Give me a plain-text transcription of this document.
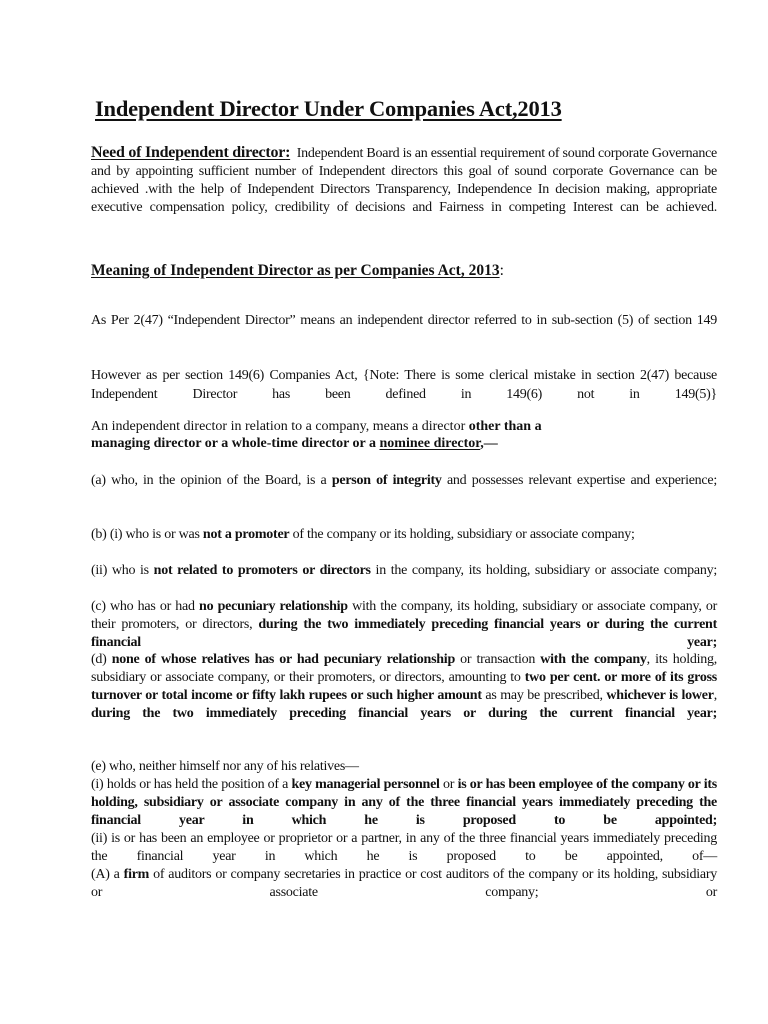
Independent Director Under Companies Act,2013

Need of Independent director: Independent Board is an essential requirement of sound corporate Governance and by appointing sufficient number of Independent directors this goal of sound corporate Governance can be achieved .with the help of Independent Directors Transparency, Independence In decision making, appropriate executive compensation policy, credibility of decisions and Fairness in competing Interest can be achieved.

Meaning of Independent Director as per Companies Act, 2013:

As Per 2(47) “Independent Director” means an independent director referred to in sub-section (5) of section 149

However as per section 149(6) Companies Act, {Note: There is some clerical mistake in section 2(47) because Independent Director has been defined in 149(6) not in 149(5)}

An independent director in relation to a company, means a director other than a
managing director or a whole-time director or a nominee director,—

(a) who, in the opinion of the Board, is a person of integrity and possesses relevant expertise and experience;

(b) (i) who is or was not a promoter of the company or its holding, subsidiary or associate company;

(ii) who is not related to promoters or directors in the company, its holding, subsidiary or associate company;

(c) who has or had no pecuniary relationship with the company, its holding, subsidiary or associate company, or their promoters, or directors, during the two immediately preceding financial years or during the current financial year;

(d) none of whose relatives has or had pecuniary relationship or transaction with the company, its holding, subsidiary or associate company, or their promoters, or directors, amounting to two per cent. or more of its gross turnover or total income or fifty lakh rupees or such higher amount as may be prescribed, whichever is lower, during the two immediately preceding financial years or during the current financial year;

(e) who, neither himself nor any of his relatives—

(i) holds or has held the position of a key managerial personnel or is or has been employee of the company or its holding, subsidiary or associate company in any of the three financial years immediately preceding the financial year in which he is proposed to be appointed;

(ii) is or has been an employee or proprietor or a partner, in any of the three financial years immediately preceding the financial year in which he is proposed to be appointed, of—

(A) a firm of auditors or company secretaries in practice or cost auditors of the company or its holding, subsidiary or associate company; or
